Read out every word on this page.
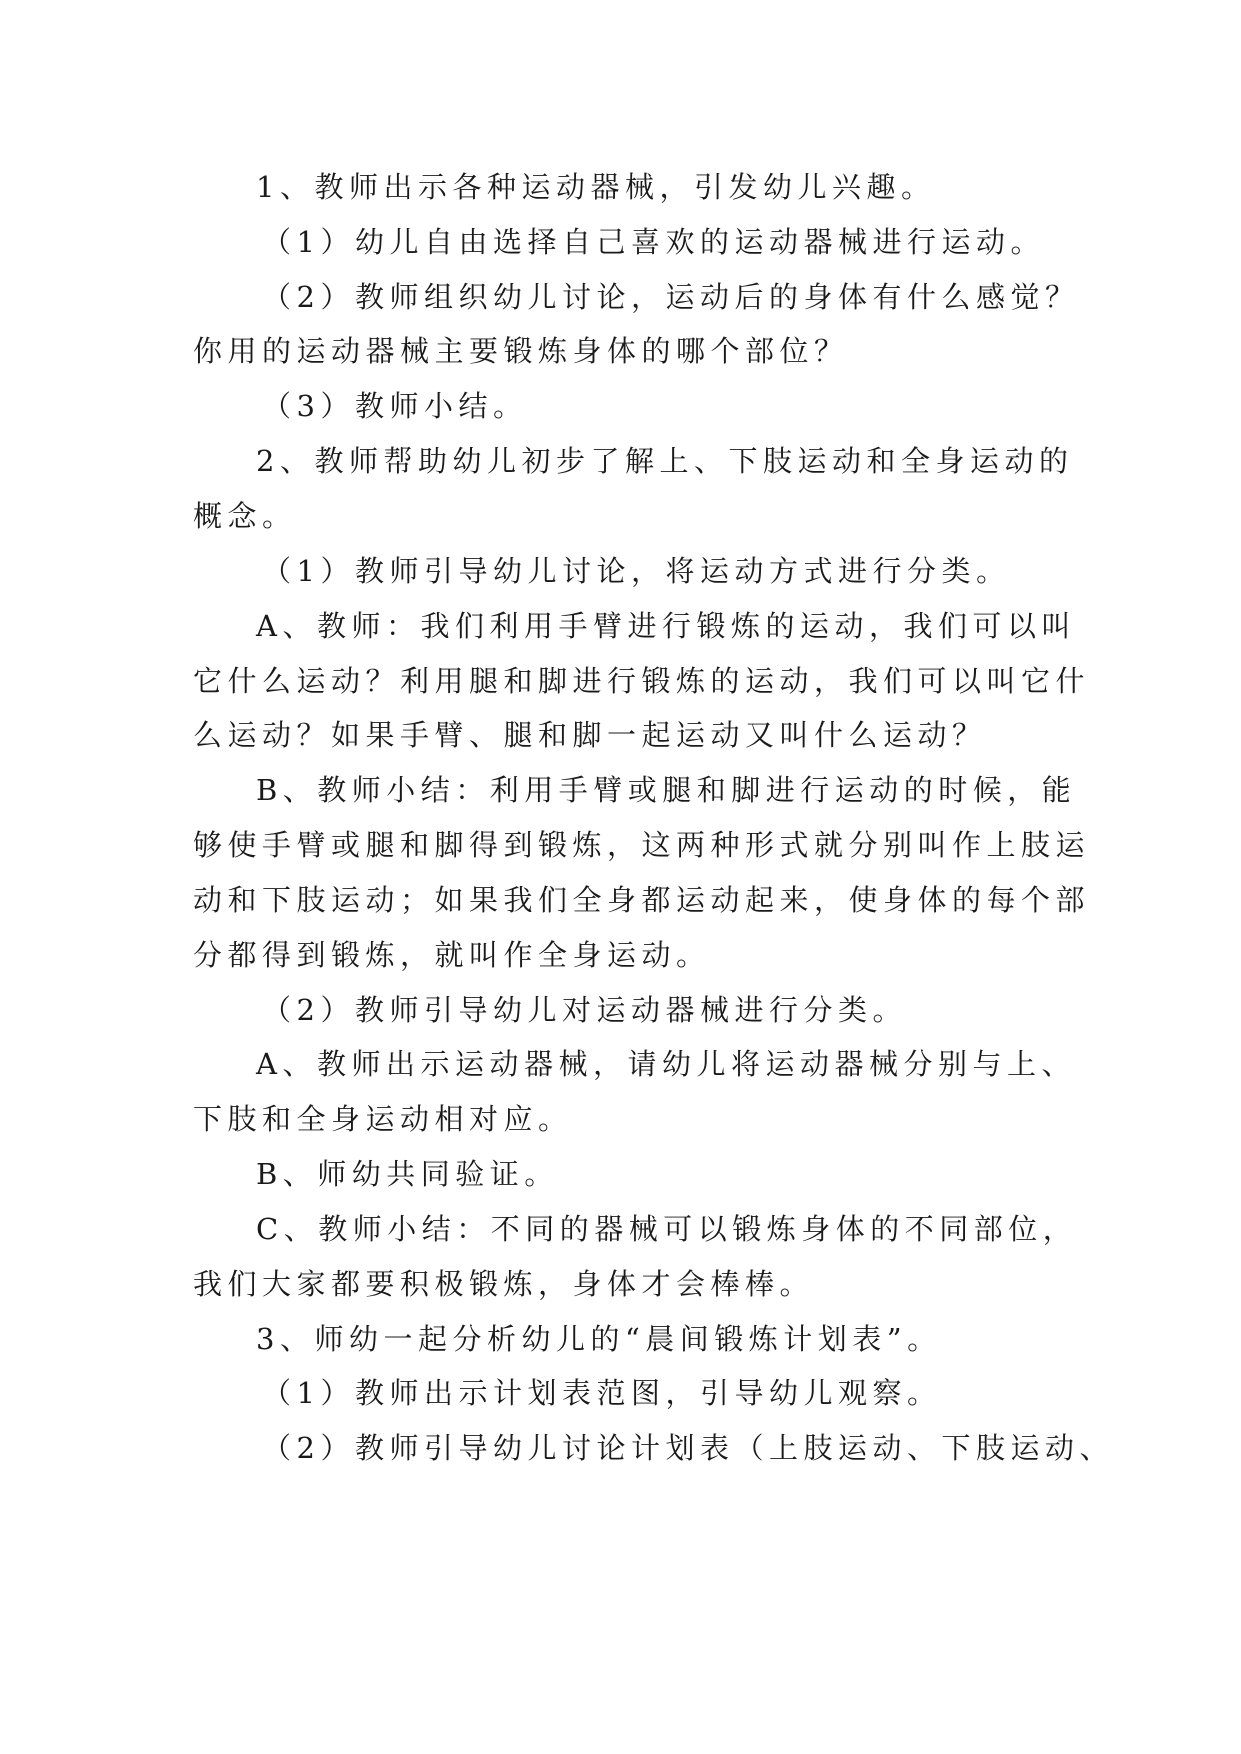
1、教师出示各种运动器械，引发幼儿兴趣。
（1）幼儿自由选择自己喜欢的运动器械进行运动。
（2）教师组织幼儿讨论，运动后的身体有什么感觉？
你用的运动器械主要锻炼身体的哪个部位？
（3）教师小结。
2、教师帮助幼儿初步了解上、下肢运动和全身运动的
概念。
（1）教师引导幼儿讨论，将运动方式进行分类。
A、教师：我们利用手臂进行锻炼的运动，我们可以叫
它什么运动？利用腿和脚进行锻炼的运动，我们可以叫它什
么运动？如果手臂、腿和脚一起运动又叫什么运动？
B、教师小结：利用手臂或腿和脚进行运动的时候，能
够使手臂或腿和脚得到锻炼，这两种形式就分别叫作上肢运
动和下肢运动；如果我们全身都运动起来，使身体的每个部
分都得到锻炼，就叫作全身运动。
（2）教师引导幼儿对运动器械进行分类。
A、教师出示运动器械，请幼儿将运动器械分别与上、
下肢和全身运动相对应。
B、师幼共同验证。
C、教师小结：不同的器械可以锻炼身体的不同部位，
我们大家都要积极锻炼，身体才会棒棒。
3、师幼一起分析幼儿的“晨间锻炼计划表”。
（1）教师出示计划表范图，引导幼儿观察。
（2）教师引导幼儿讨论计划表（上肢运动、下肢运动、
